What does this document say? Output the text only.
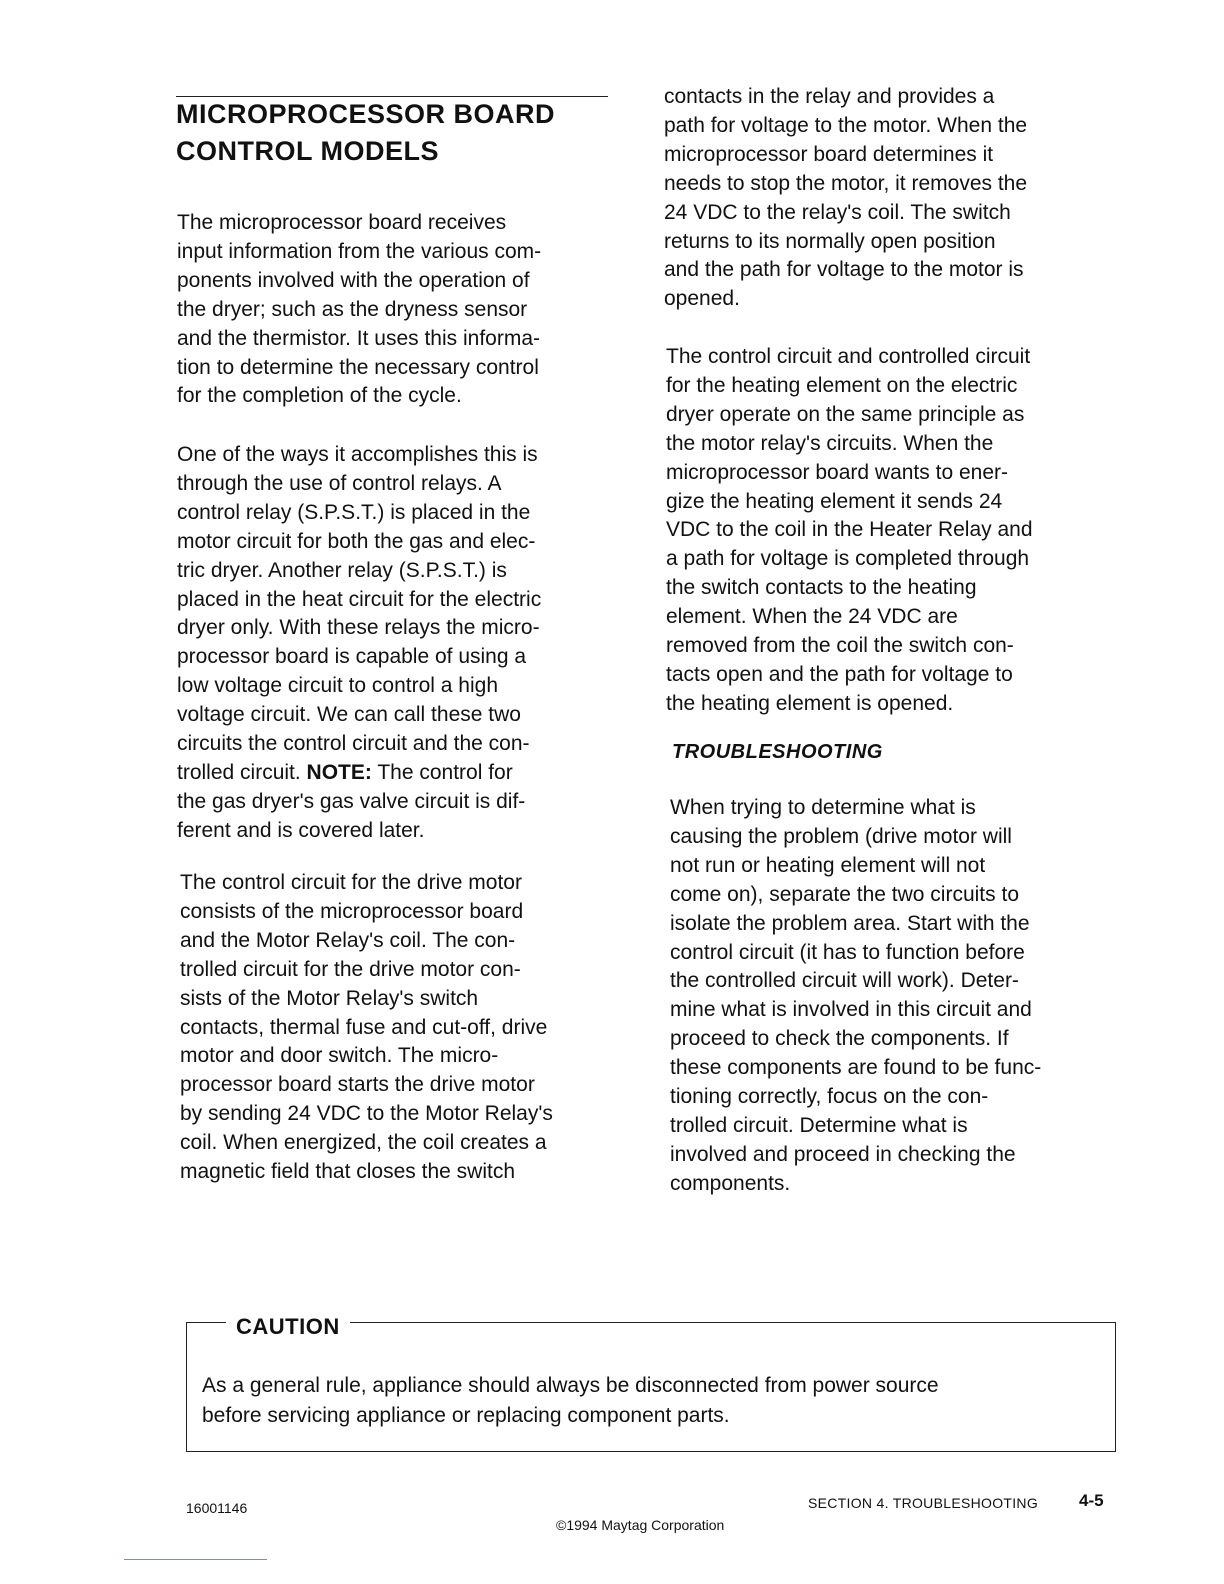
MICROPROCESSOR BOARD CONTROL MODELS
The microprocessor board receives
input information from the various com-
ponents involved with the operation of
the dryer; such as the dryness sensor
and the thermistor. It uses this informa-
tion to determine the necessary control
for the completion of the cycle.
One of the ways it accomplishes this is
through the use of control relays. A
control relay (S.P.S.T.) is placed in the
motor circuit for both the gas and elec-
tric dryer. Another relay (S.P.S.T.) is
placed in the heat circuit for the electric
dryer only. With these relays the micro-
processor board is capable of using a
low voltage circuit to control a high
voltage circuit. We can call these two
circuits the control circuit and the con-
trolled circuit. NOTE: The control for
the gas dryer's gas valve circuit is dif-
ferent and is covered later.
The control circuit for the drive motor
consists of the microprocessor board
and the Motor Relay's coil. The con-
trolled circuit for the drive motor con-
sists of the Motor Relay's switch
contacts, thermal fuse and cut-off, drive
motor and door switch. The micro-
processor board starts the drive motor
by sending 24 VDC to the Motor Relay's
coil. When energized, the coil creates a
magnetic field that closes the switch
contacts in the relay and provides a
path for voltage to the motor. When the
microprocessor board determines it
needs to stop the motor, it removes the
24 VDC to the relay's coil. The switch
returns to its normally open position
and the path for voltage to the motor is
opened.
The control circuit and controlled circuit
for the heating element on the electric
dryer operate on the same principle as
the motor relay's circuits. When the
microprocessor board wants to ener-
gize the heating element it sends 24
VDC to the coil in the Heater Relay and
a path for voltage is completed through
the switch contacts to the heating
element. When the 24 VDC are
removed from the coil the switch con-
tacts open and the path for voltage to
the heating element is opened.
TROUBLESHOOTING
When trying to determine what is
causing the problem (drive motor will
not run or heating element will not
come on), separate the two circuits to
isolate the problem area. Start with the
control circuit (it has to function before
the controlled circuit will work). Deter-
mine what is involved in this circuit and
proceed to check the components. If
these components are found to be func-
tioning correctly, focus on the con-
trolled circuit. Determine what is
involved and proceed in checking the
components.
CAUTION
As a general rule, appliance should always be disconnected from power source
before servicing appliance or replacing component parts.
16001146	SECTION 4. TROUBLESHOOTING 4-5
©1994 Maytag Corporation
